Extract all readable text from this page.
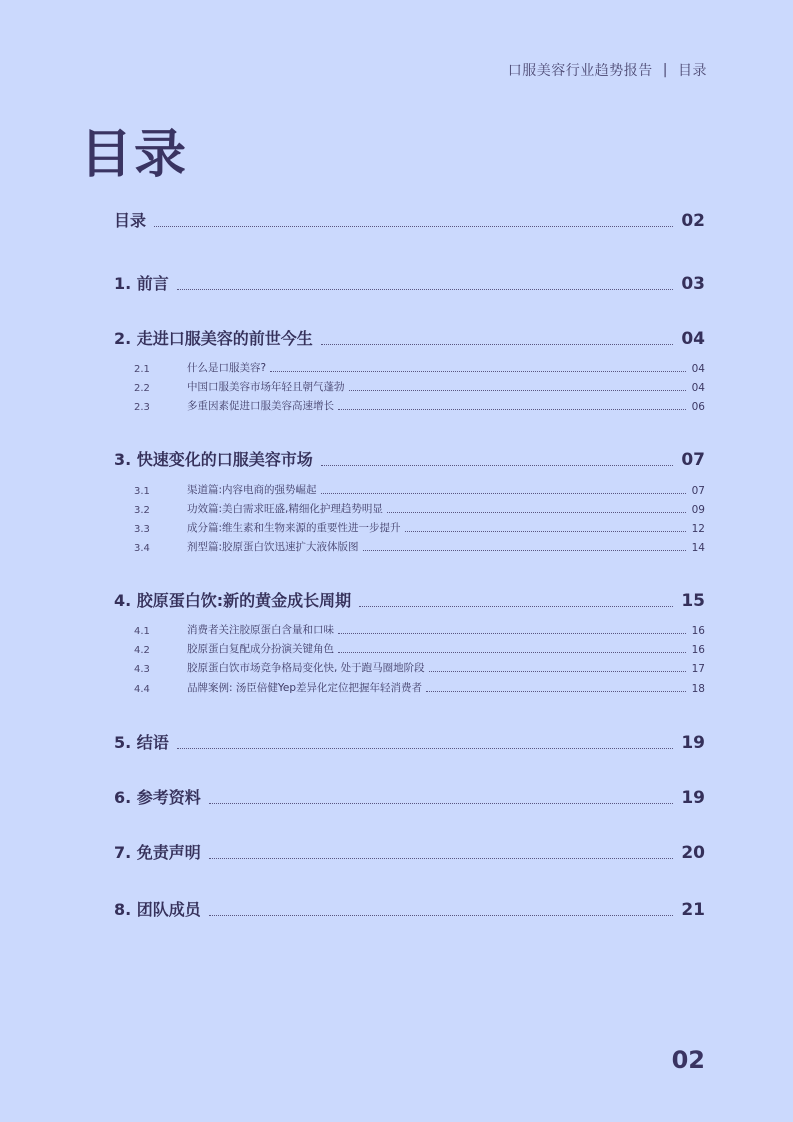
口服美容行业趋势报告 | 目录
目录
目录	02
1. 前言	03
2. 走进口服美容的前世今生	04
2.1	什么是口服美容?	04
2.2	中国口服美容市场年轻且朝气蓬勃	04
2.3	多重因素促进口服美容高速增长	06
3. 快速变化的口服美容市场	07
3.1	渠道篇:内容电商的强势崛起	07
3.2	功效篇:美白需求旺盛,精细化护理趋势明显	09
3.3	成分篇:维生素和生物来源的重要性进一步提升	12
3.4	剂型篇:胶原蛋白饮迅速扩大液体版图	14
4. 胶原蛋白饮:新的黄金成长周期	15
4.1	消费者关注胶原蛋白含量和口味	16
4.2	胶原蛋白复配成分扮演关键角色	16
4.3	胶原蛋白饮市场竞争格局变化快, 处于跑马圈地阶段	17
4.4	品牌案例: 汤臣倍健Yep差异化定位把握年轻消费者	18
5. 结语	19
6. 参考资料	19
7. 免责声明	20
8. 团队成员	21
02
